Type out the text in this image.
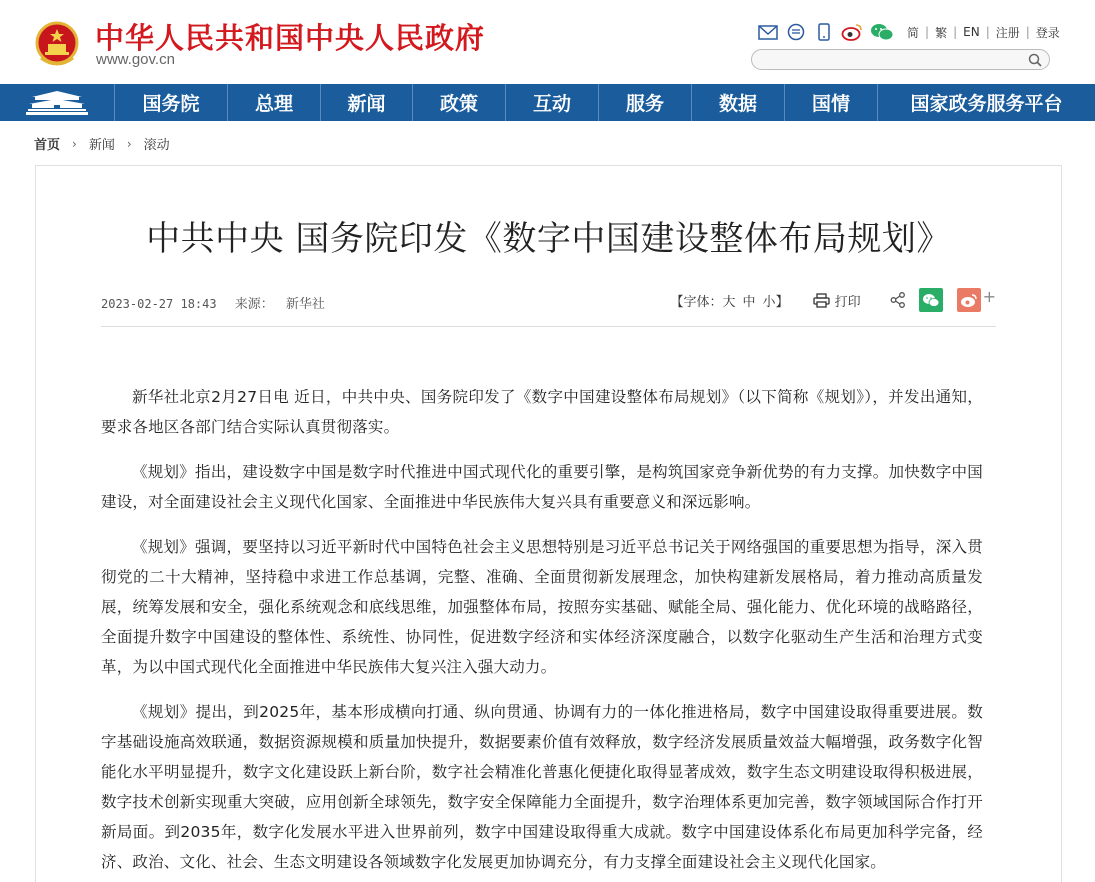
中华人民共和国中央人民政府
www.gov.cn
简 | 繁 | EN | 注册 | 登录
国务院	总理	新闻	政策	互动	服务	数据	国情	国家政务服务平台
首页 › 新闻 › 滚动
中共中央 国务院印发《数字中国建设整体布局规划》
2023-02-27 18:43 来源： 新华社	【字体： 大 中 小 】	打印	+

新华社北京2月27日电 近日，中共中央、国务院印发了《数字中国建设整体布局规划》（以下简称《规划》），并发出通知，要求各地区各部门结合实际认真贯彻落实。

《规划》指出，建设数字中国是数字时代推进中国式现代化的重要引擎，是构筑国家竞争新优势的有力支撑。加快数字中国建设，对全面建设社会主义现代化国家、全面推进中华民族伟大复兴具有重要意义和深远影响。

《规划》强调，要坚持以习近平新时代中国特色社会主义思想特别是习近平总书记关于网络强国的重要思想为指导，深入贯彻党的二十大精神，坚持稳中求进工作总基调，完整、准确、全面贯彻新发展理念，加快构建新发展格局，着力推动高质量发展，统筹发展和安全，强化系统观念和底线思维，加强整体布局，按照夯实基础、赋能全局、强化能力、优化环境的战略路径，全面提升数字中国建设的整体性、系统性、协同性，促进数字经济和实体经济深度融合，以数字化驱动生产生活和治理方式变革，为以中国式现代化全面推进中华民族伟大复兴注入强大动力。

《规划》提出，到2025年，基本形成横向打通、纵向贯通、协调有力的一体化推进格局，数字中国建设取得重要进展。数字基础设施高效联通，数据资源规模和质量加快提升，数据要素价值有效释放，数字经济发展质量效益大幅增强，政务数字化智能化水平明显提升，数字文化建设跃上新台阶，数字社会精准化普惠化便捷化取得显著成效，数字生态文明建设取得积极进展，数字技术创新实现重大突破，应用创新全球领先，数字安全保障能力全面提升，数字治理体系更加完善，数字领域国际合作打开新局面。到2035年，数字化发展水平进入世界前列，数字中国建设取得重大成就。数字中国建设体系化布局更加科学完备，经济、政治、文化、社会、生态文明建设各领域数字化发展更加协调充分，有力支撑全面建设社会主义现代化国家。
